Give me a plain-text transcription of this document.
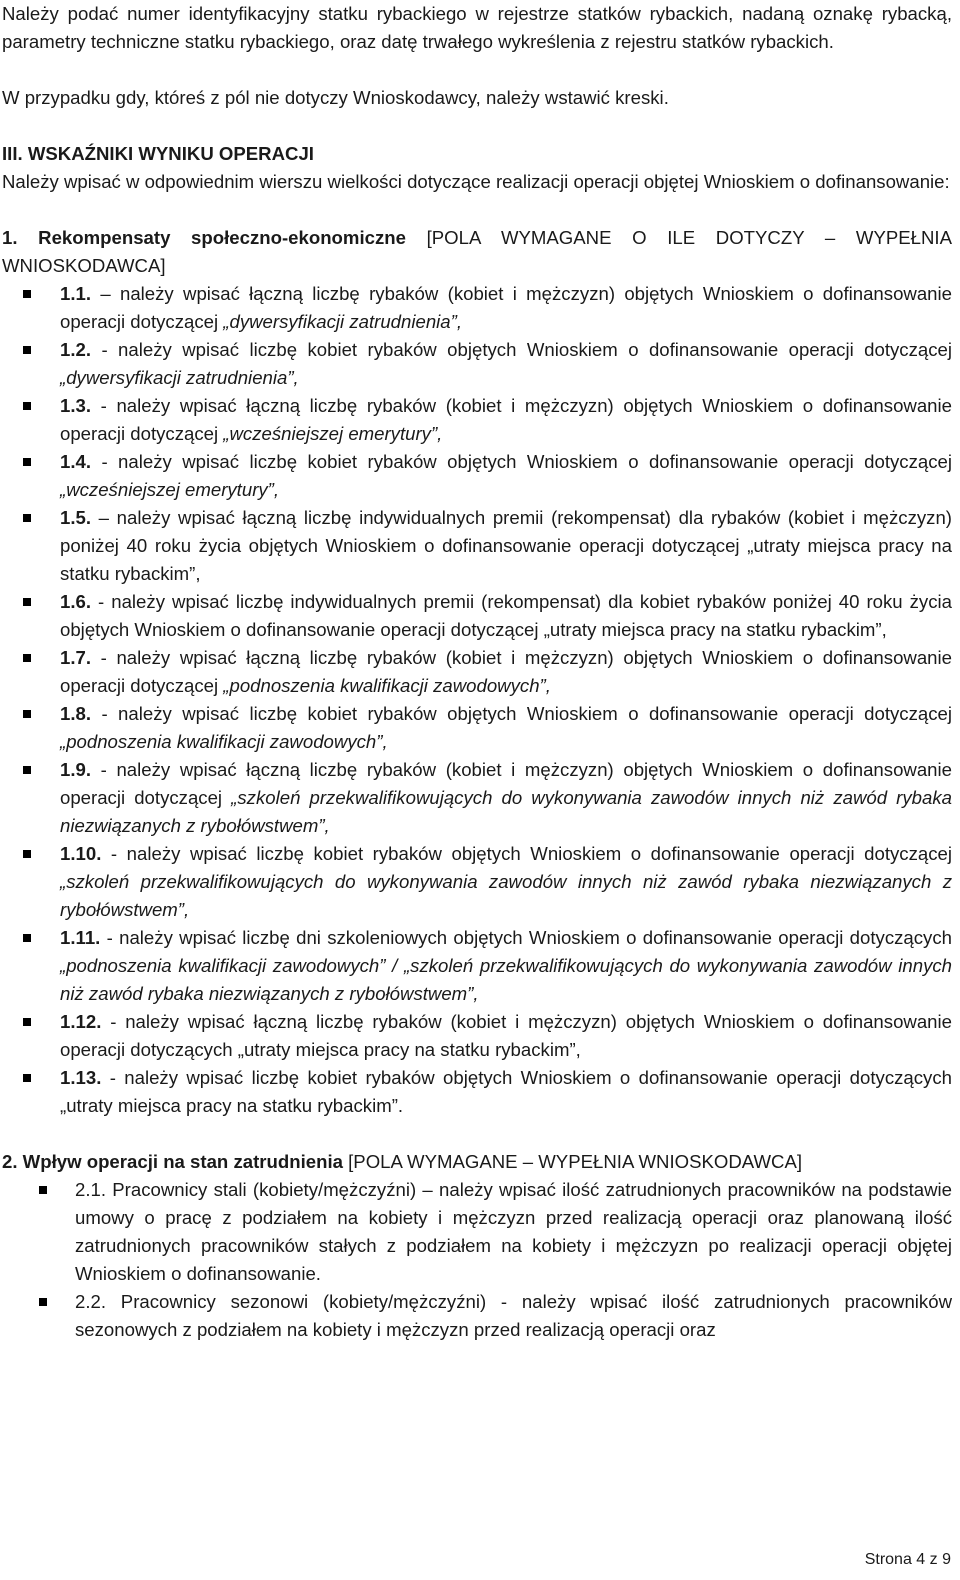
Należy podać numer identyfikacyjny statku rybackiego w rejestrze statków rybackich, nadaną oznakę rybacką, parametry techniczne statku rybackiego, oraz datę trwałego wykreślenia z rejestru statków rybackich.

W przypadku gdy, któreś z pól nie dotyczy Wnioskodawcy, należy wstawić kreski.

III. WSKAŹNIKI WYNIKU OPERACJI

Należy wpisać w odpowiednim wierszu wielkości dotyczące realizacji operacji objętej Wnioskiem o dofinansowanie:

1. Rekompensaty społeczno-ekonomiczne [POLA WYMAGANE O ILE DOTYCZY – WYPEŁNIA WNIOSKODAWCA]

1.1. – należy wpisać łączną liczbę rybaków (kobiet i mężczyzn) objętych Wnioskiem o dofinansowanie operacji dotyczącej „dywersyfikacji zatrudnienia”,
1.2. - należy wpisać liczbę kobiet rybaków objętych Wnioskiem o dofinansowanie operacji dotyczącej „dywersyfikacji zatrudnienia”,
1.3. - należy wpisać łączną liczbę rybaków (kobiet i mężczyzn) objętych Wnioskiem o dofinansowanie operacji dotyczącej „wcześniejszej emerytury”,
1.4. - należy wpisać liczbę kobiet rybaków objętych Wnioskiem o dofinansowanie operacji dotyczącej „wcześniejszej emerytury”,
1.5. – należy wpisać łączną liczbę indywidualnych premii (rekompensat) dla rybaków (kobiet i mężczyzn) poniżej 40 roku życia objętych Wnioskiem o dofinansowanie operacji dotyczącej „utraty miejsca pracy na statku rybackim”,
1.6. - należy wpisać liczbę indywidualnych premii (rekompensat) dla kobiet rybaków poniżej 40 roku życia objętych Wnioskiem o dofinansowanie operacji dotyczącej „utraty miejsca pracy na statku rybackim”,
1.7. - należy wpisać łączną liczbę rybaków (kobiet i mężczyzn) objętych Wnioskiem o dofinansowanie operacji dotyczącej „podnoszenia kwalifikacji zawodowych”,
1.8. - należy wpisać liczbę kobiet rybaków objętych Wnioskiem o dofinansowanie operacji dotyczącej „podnoszenia kwalifikacji zawodowych”,
1.9. - należy wpisać łączną liczbę rybaków (kobiet i mężczyzn) objętych Wnioskiem o dofinansowanie operacji dotyczącej „szkoleń przekwalifikowujących do wykonywania zawodów innych niż zawód rybaka niezwiązanych z rybołówstwem”,
1.10. - należy wpisać liczbę kobiet rybaków objętych Wnioskiem o dofinansowanie operacji dotyczącej „szkoleń przekwalifikowujących do wykonywania zawodów innych niż zawód rybaka niezwiązanych z rybołówstwem”,
1.11. - należy wpisać liczbę dni szkoleniowych objętych Wnioskiem o dofinansowanie operacji dotyczących „podnoszenia kwalifikacji zawodowych” / „szkoleń przekwalifikowujących do wykonywania zawodów innych niż zawód rybaka niezwiązanych z rybołówstwem”,
1.12. - należy wpisać łączną liczbę rybaków (kobiet i mężczyzn) objętych Wnioskiem o dofinansowanie operacji dotyczących „utraty miejsca pracy na statku rybackim”,
1.13. - należy wpisać liczbę kobiet rybaków objętych Wnioskiem o dofinansowanie operacji dotyczących „utraty miejsca pracy na statku rybackim”.

2. Wpływ operacji na stan zatrudnienia [POLA WYMAGANE – WYPEŁNIA WNIOSKODAWCA]

2.1. Pracownicy stali (kobiety/mężczyźni) – należy wpisać ilość zatrudnionych pracowników na podstawie umowy o pracę z podziałem na kobiety i mężczyzn przed realizacją operacji oraz planowaną ilość zatrudnionych pracowników stałych z podziałem na kobiety i mężczyzn po realizacji operacji objętej Wnioskiem o dofinansowanie.
2.2. Pracownicy sezonowi (kobiety/mężczyźni) - należy wpisać ilość zatrudnionych pracowników sezonowych z podziałem na kobiety i mężczyzn przed realizacją operacji oraz
Strona 4 z 9
